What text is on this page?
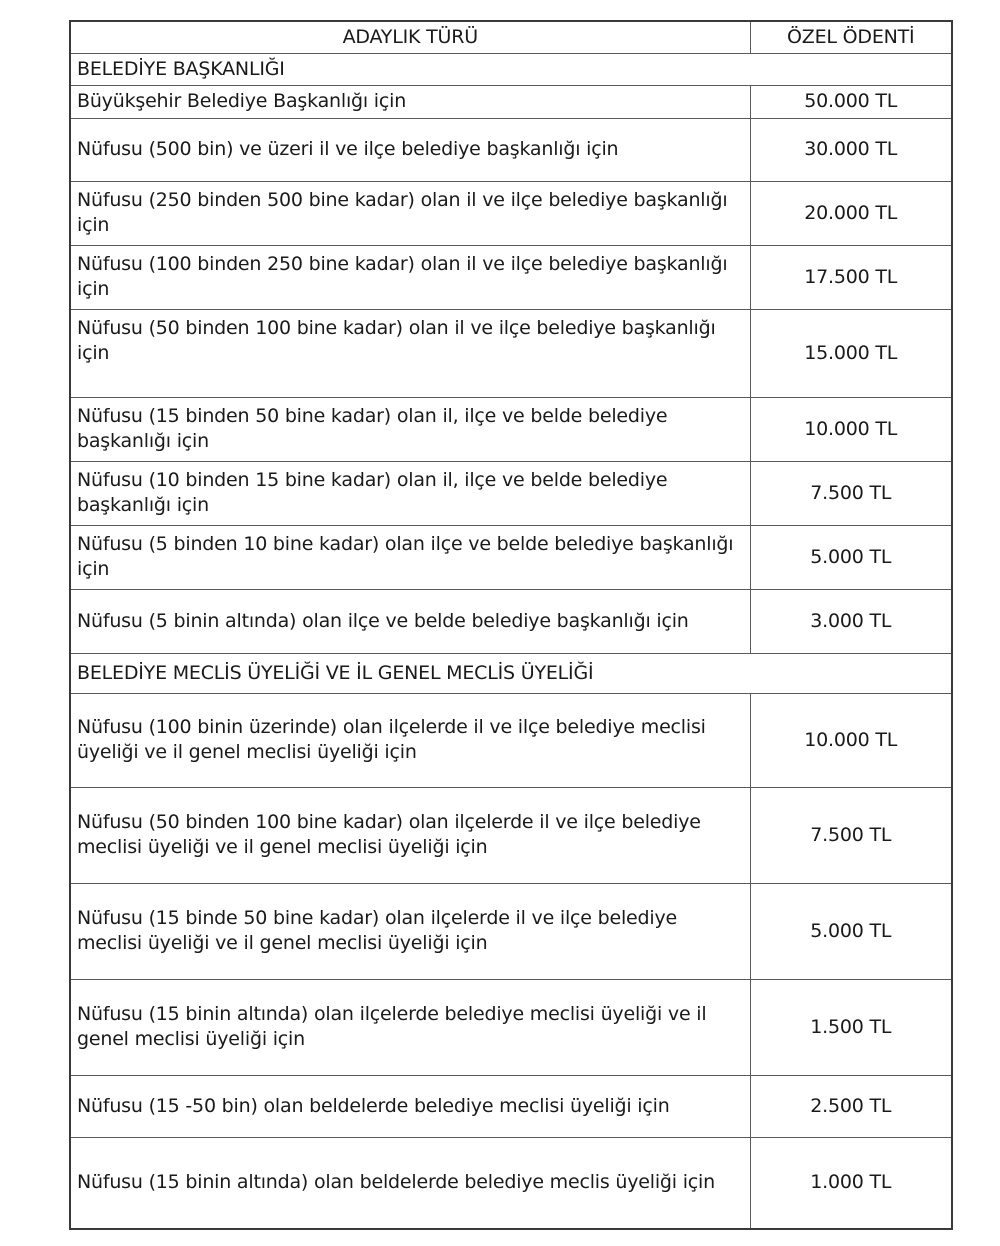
ADAYLIK TÜRÜ	ÖZEL ÖDENTİ
BELEDİYE BAŞKANLIĞI	
Büyükşehir Belediye Başkanlığı için	50.000 TL
Nüfusu (500 bin) ve üzeri il ve ilçe belediye başkanlığı için	30.000 TL
Nüfusu (250 binden 500 bine kadar) olan il ve ilçe belediye başkanlığı için	20.000 TL
Nüfusu (100 binden 250 bine kadar) olan il ve ilçe belediye başkanlığı için	17.500 TL
Nüfusu (50 binden 100 bine kadar) olan il ve ilçe belediye başkanlığı için	15.000 TL
Nüfusu (15 binden 50 bine kadar) olan il, ilçe ve belde belediye başkanlığı için	10.000 TL
Nüfusu (10 binden 15 bine kadar) olan il, ilçe ve belde belediye başkanlığı için	7.500 TL
Nüfusu (5 binden 10 bine kadar) olan ilçe ve belde belediye başkanlığı için	5.000 TL
Nüfusu (5 binin altında) olan ilçe ve belde belediye başkanlığı için	3.000 TL
BELEDİYE MECLİS ÜYELİĞİ VE İL GENEL MECLİS ÜYELİĞİ	
Nüfusu (100 binin üzerinde) olan ilçelerde il ve ilçe belediye meclisi üyeliği ve il genel meclisi üyeliği için	10.000 TL
Nüfusu (50 binden 100 bine kadar) olan ilçelerde il ve ilçe belediye meclisi üyeliği ve il genel meclisi üyeliği için	7.500 TL
Nüfusu (15 binde 50 bine kadar) olan ilçelerde il ve ilçe belediye meclisi üyeliği ve il genel meclisi üyeliği için	5.000 TL
Nüfusu (15 binin altında) olan ilçelerde belediye meclisi üyeliği ve il genel meclisi üyeliği için	1.500 TL
Nüfusu (15 -50 bin) olan beldelerde belediye meclisi üyeliği için	2.500 TL
Nüfusu (15 binin altında) olan beldelerde belediye meclis üyeliği için	1.000 TL
